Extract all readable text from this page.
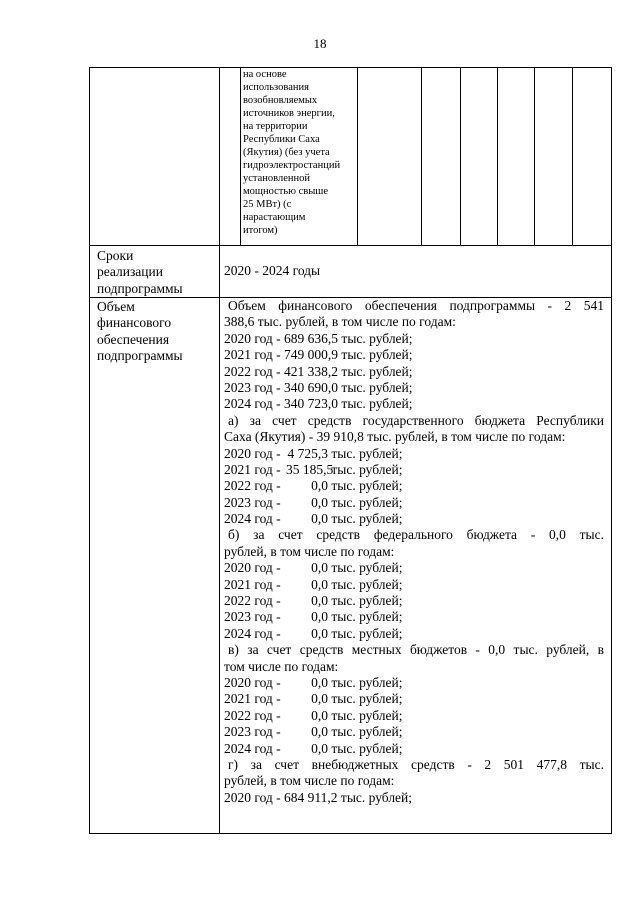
18
на основе
использования
возобновляемых
источников энергии,
на территории
Республики Саха
(Якутия) (без учета
гидроэлектростанций
установленной
мощностью свыше
25 МВт) (с
нарастающим
итогом)
Сроки
реализации
подпрограммы
2020 - 2024 годы
Объем
финансового
обеспечения
подпрограммы
Объем финансового обеспечения подпрограммы - 2 541
388,6 тыс. рублей, в том числе по годам:
2020 год - 689 636,5 тыс. рублей;
2021 год - 749 000,9 тыс. рублей;
2022 год - 421 338,2 тыс. рублей;
2023 год - 340 690,0 тыс. рублей;
2024 год - 340 723,0 тыс. рублей;
а) за счет средств государственного бюджета Республики
Саха (Якутия) - 39 910,8 тыс. рублей, в том числе по годам:
2020 год - 4 725,3 тыс. рублей;
2021 год - 35 185,5 тыс. рублей;
2022 год - 0,0 тыс. рублей;
2023 год - 0,0 тыс. рублей;
2024 год - 0,0 тыс. рублей;
б) за счет средств федерального бюджета - 0,0 тыс.
рублей, в том числе по годам:
2020 год - 0,0 тыс. рублей;
2021 год - 0,0 тыс. рублей;
2022 год - 0,0 тыс. рублей;
2023 год - 0,0 тыс. рублей;
2024 год - 0,0 тыс. рублей;
в) за счет средств местных бюджетов - 0,0 тыс. рублей, в
том числе по годам:
2020 год - 0,0 тыс. рублей;
2021 год - 0,0 тыс. рублей;
2022 год - 0,0 тыс. рублей;
2023 год - 0,0 тыс. рублей;
2024 год - 0,0 тыс. рублей;
г) за счет внебюджетных средств - 2 501 477,8 тыс.
рублей, в том числе по годам:
2020 год - 684 911,2 тыс. рублей;
